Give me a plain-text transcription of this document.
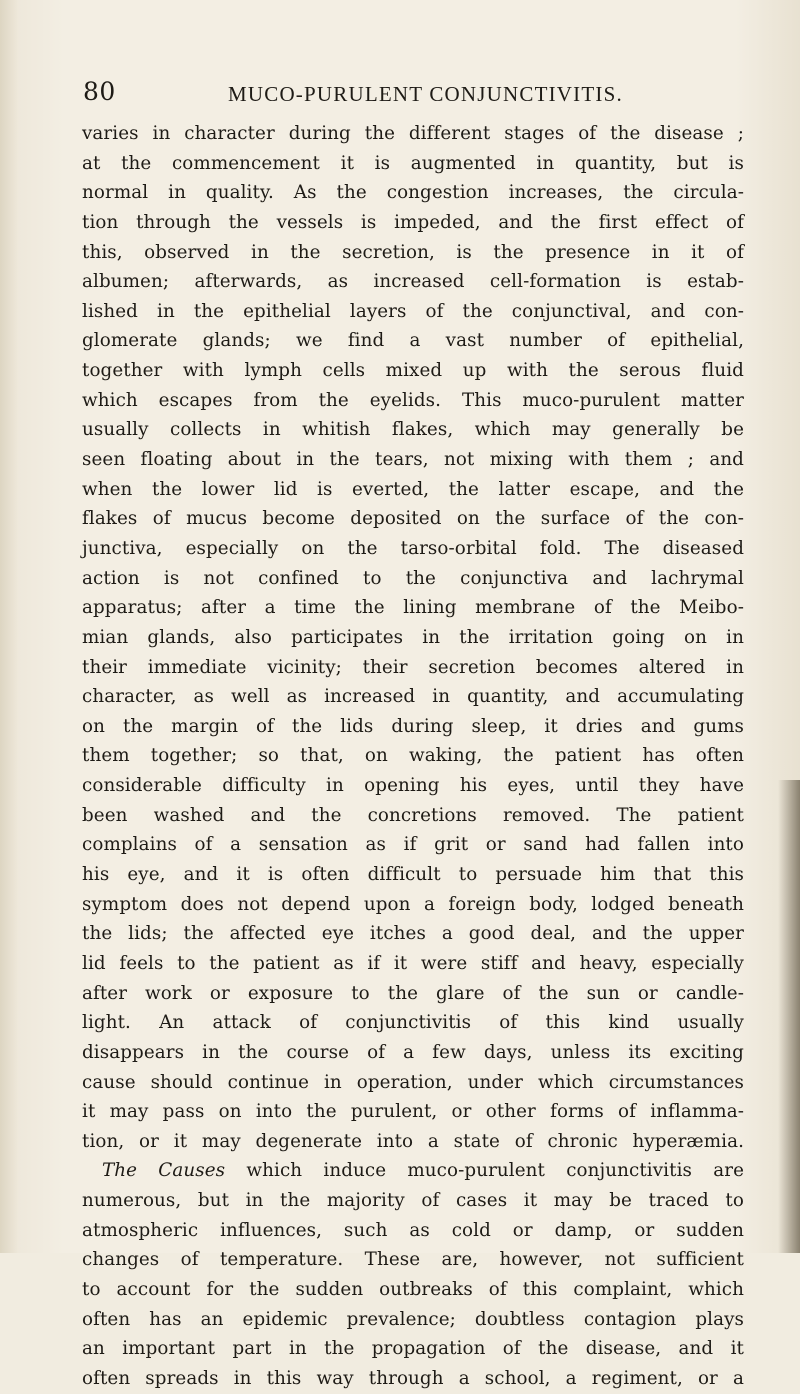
80	MUCO-PURULENT CONJUNCTIVITIS.
varies in character during the different stages of the disease ;
at the commencement it is augmented in quantity, but is
normal in quality. As the congestion increases, the circula-
tion through the vessels is impeded, and the first effect of
this, observed in the secretion, is the presence in it of
albumen; afterwards, as increased cell-formation is estab-
lished in the epithelial layers of the conjunctival, and con-
glomerate glands; we find a vast number of epithelial,
together with lymph cells mixed up with the serous fluid
which escapes from the eyelids. This muco-purulent matter
usually collects in whitish flakes, which may generally be
seen floating about in the tears, not mixing with them ; and
when the lower lid is everted, the latter escape, and the
flakes of mucus become deposited on the surface of the con-
junctiva, especially on the tarso-orbital fold. The diseased
action is not confined to the conjunctiva and lachrymal
apparatus; after a time the lining membrane of the Meibo-
mian glands, also participates in the irritation going on in
their immediate vicinity; their secretion becomes altered in
character, as well as increased in quantity, and accumulating
on the margin of the lids during sleep, it dries and gums
them together; so that, on waking, the patient has often
considerable difficulty in opening his eyes, until they have
been washed and the concretions removed. The patient
complains of a sensation as if grit or sand had fallen into
his eye, and it is often difficult to persuade him that this
symptom does not depend upon a foreign body, lodged beneath
the lids; the affected eye itches a good deal, and the upper
lid feels to the patient as if it were stiff and heavy, especially
after work or exposure to the glare of the sun or candle-
light. An attack of conjunctivitis of this kind usually
disappears in the course of a few days, unless its exciting
cause should continue in operation, under which circumstances
it may pass on into the purulent, or other forms of inflamma-
tion, or it may degenerate into a state of chronic hyperæmia.
The Causes which induce muco-purulent conjunctivitis are
numerous, but in the majority of cases it may be traced to
atmospheric influences, such as cold or damp, or sudden
changes of temperature. These are, however, not sufficient
to account for the sudden outbreaks of this complaint, which
often has an epidemic prevalence; doubtless contagion plays
an important part in the propagation of the disease, and it
often spreads in this way through a school, a regiment, or a
